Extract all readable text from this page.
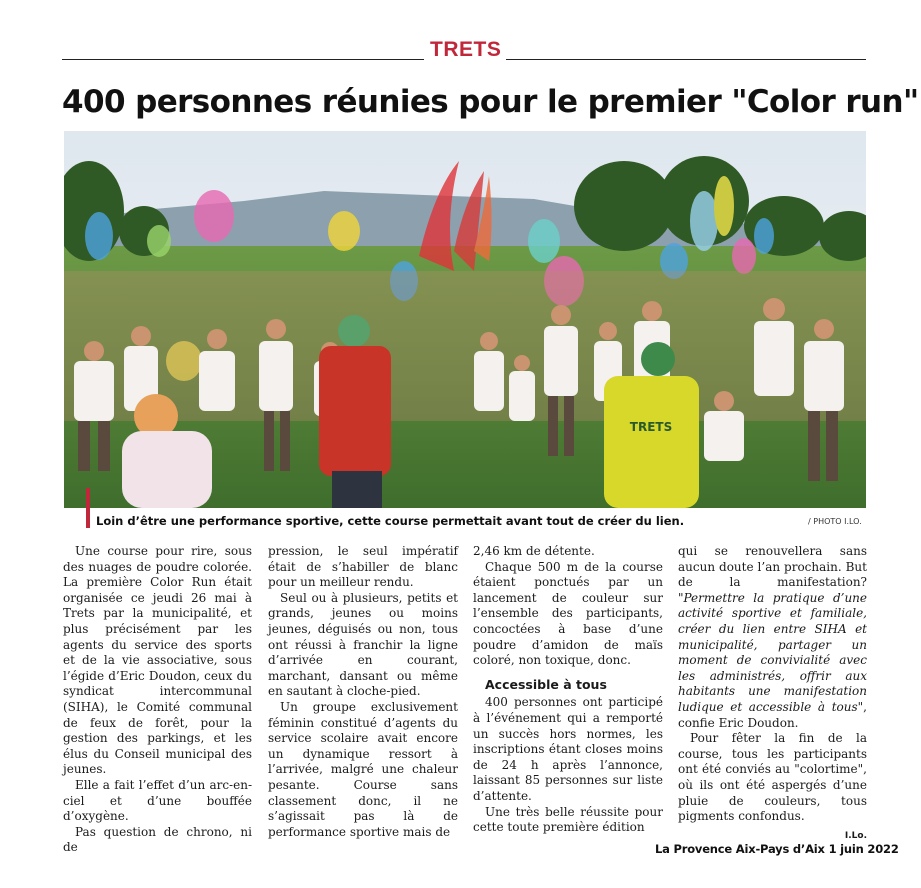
TRETS
400 personnes réunies pour le premier "Color run"
TRETS
Loin d’être une performance sportive, cette course permettait avant tout de créer du lien.	/ PHOTO I.LO.

Une course pour rire, sous des nuages de poudre colorée. La première Color Run était organisée ce jeudi 26 mai à Trets par la municipalité, et plus précisément par les agents du service des sports et de la vie associative, sous l’égide d’Eric Doudon, ceux du syndicat intercommunal (SIHA), le Comité communal de feux de forêt, pour la gestion des parkings, et les élus du Conseil municipal des jeunes.

Elle a fait l’effet d’un arc-en-ciel et d’une bouffée d’oxygène.

Pas question de chrono, ni de

pression, le seul impératif était de s’habiller de blanc pour un meilleur rendu.

Seul ou à plusieurs, petits et grands, jeunes ou moins jeunes, déguisés ou non, tous ont réussi à franchir la ligne d’arrivée en courant, marchant, dansant ou même en sautant à cloche-pied.

Un groupe exclusivement féminin constitué d’agents du service scolaire avait encore un dynamique ressort à l’arrivée, malgré une chaleur pesante. Course sans classement donc, il ne s’agissait pas là de performance sportive mais de

2,46 km de détente.

Chaque 500 m de la course étaient ponctués par un lancement de couleur sur l’ensemble des participants, concoctées à base d’une poudre d’amidon de maïs coloré, non toxique, donc.

Accessible à tous

400 personnes ont participé à l’événement qui a remporté un succès hors normes, les inscriptions étant closes moins de 24 h après l’annonce, laissant 85 personnes sur liste d’attente.

Une très belle réussite pour cette toute première édition

qui se renouvellera sans aucun doute l’an prochain. But de la manifestation? "Permettre la pratique d’une activité sportive et familiale, créer du lien entre SIHA et municipalité, partager un moment de convivialité avec les administrés, offrir aux habitants une manifestation ludique et accessible à tous", confie Eric Doudon.

Pour fêter la fin de la course, tous les participants ont été conviés au "colortime", où ils ont été aspergés d’une pluie de couleurs, tous pigments confondus.

I.Lo.
La Provence Aix-Pays d’Aix 1 juin 2022
